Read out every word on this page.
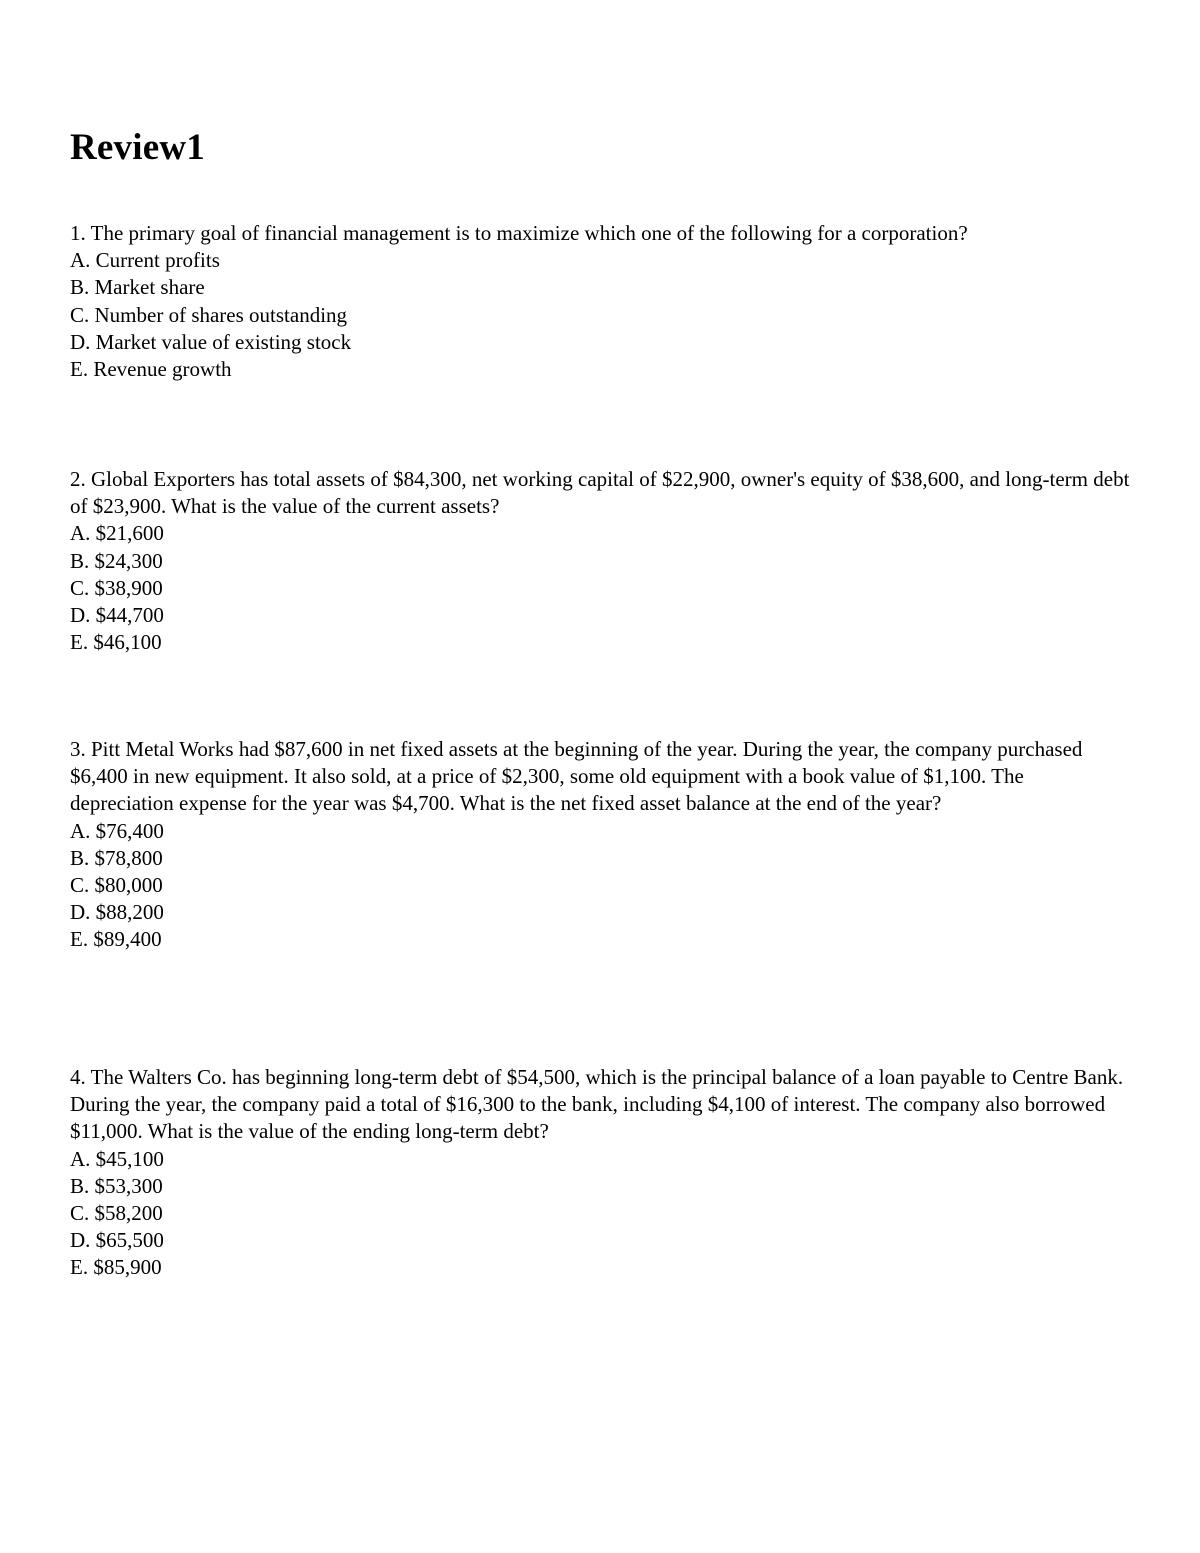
Review1

1. The primary goal of financial management is to maximize which one of the following for a corporation?

A. Current profits
B. Market share
C. Number of shares outstanding
D. Market value of existing stock
E. Revenue growth

2. Global Exporters has total assets of $84,300, net working capital of $22,900, owner's equity of $38,600, and long-term debt of $23,900. What is the value of the current assets?

A. $21,600
B. $24,300
C. $38,900
D. $44,700
E. $46,100

3. Pitt Metal Works had $87,600 in net fixed assets at the beginning of the year. During the year, the company purchased $6,400 in new equipment. It also sold, at a price of $2,300, some old equipment with a book value of $1,100. The depreciation expense for the year was $4,700. What is the net fixed asset balance at the end of the year?

A. $76,400
B. $78,800
C. $80,000
D. $88,200
E. $89,400

4. The Walters Co. has beginning long-term debt of $54,500, which is the principal balance of a loan payable to Centre Bank. During the year, the company paid a total of $16,300 to the bank, including $4,100 of interest. The company also borrowed $11,000. What is the value of the ending long-term debt?

A. $45,100
B. $53,300
C. $58,200
D. $65,500
E. $85,900
